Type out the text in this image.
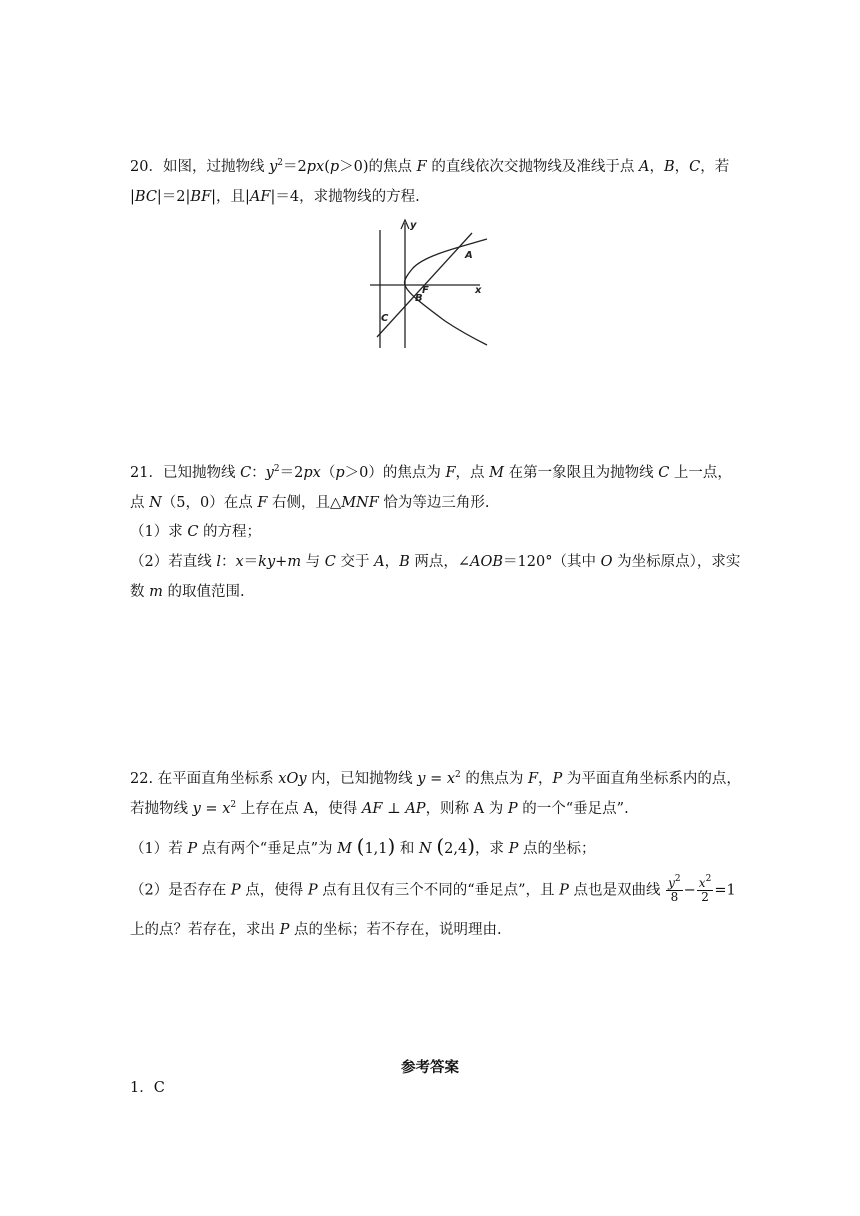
20．如图，过抛物线 $y^2=2px(p>0)$的焦点 F 的直线依次交抛物线及准线于点 A，B，C，若
|BC|＝2|BF|，且|AF|＝4，求抛物线的方程.
y
x
A
B
F
C
21．已知抛物线 C：$y^2=2px(p>0)$的焦点为 F，点 M 在第一象限且为抛物线 C 上一点，
点 N（5，0）在点 F 右侧，且△MNF 恰为等边三角形.
（1）求 C 的方程；
（2）若直线 l：x＝ky+m 与 C 交于 A，B 两点，∠AOB＝120°（其中 O 为坐标原点），求实
数 m 的取值范围.
22. 在平面直角坐标系 xOy 内，已知抛物线 $y = x^2$ 的焦点为 F，P 为平面直角坐标系内的点，
若抛物线 $y = x^2$ 上存在点 A，使得 AF ⊥ AP，则称 A 为 P 的一个“垂足点”.
（1）若 P 点有两个“垂足点”为 M (1,1) 和 N (2,4)，求 P 点的坐标；
（2）是否存在 P 点，使得 P 点有且仅有三个不同的“垂足点”，且 P 点也是双曲线 $\frac{y^2}{8} - \frac{x^2}{2} =1$
上的点？若存在，求出 P 点的坐标；若不存在，说明理由.
参考答案
1．C
